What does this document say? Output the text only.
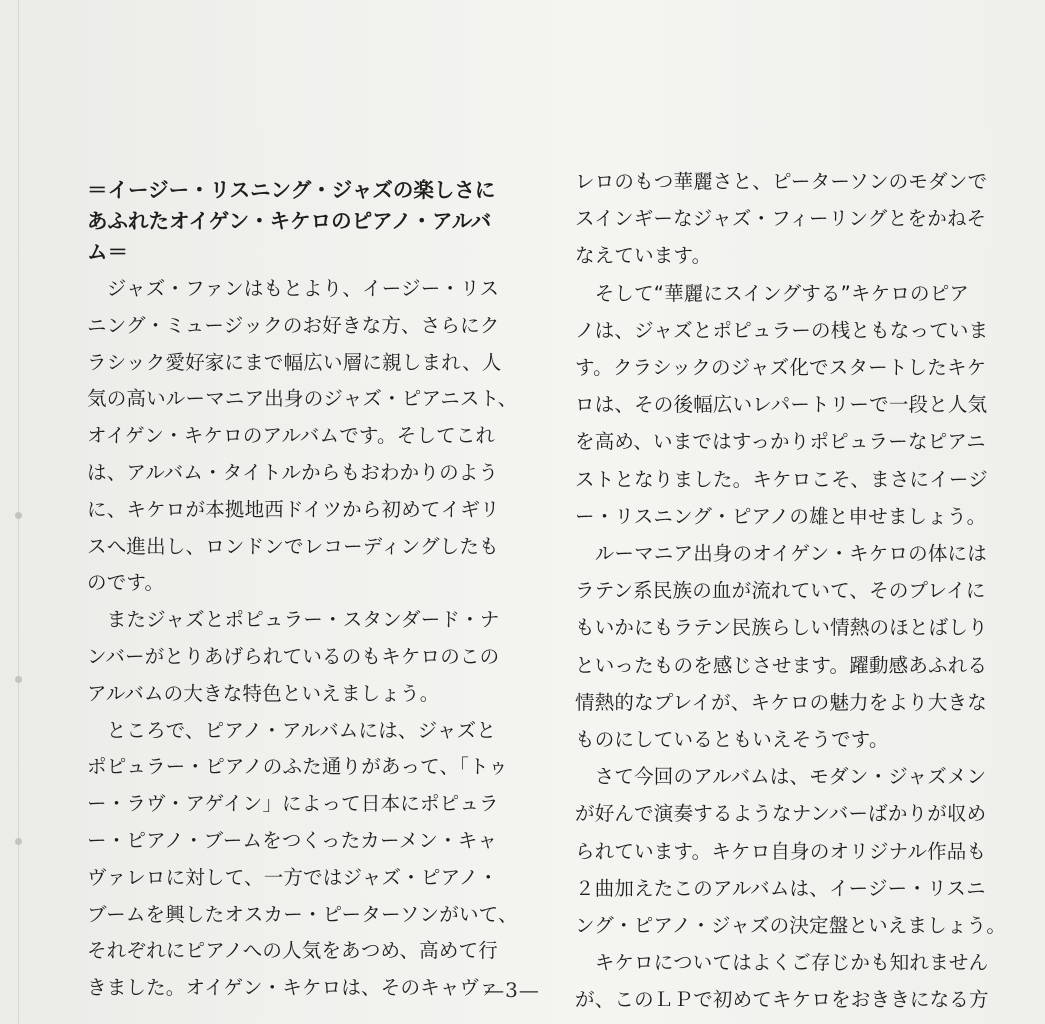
＝イージー・リスニング・ジャズの楽しさに
あふれたオイゲン・キケロのピアノ・アルバ
ム＝
　ジャズ・ファンはもとより、イージー・リス
ニング・ミュージックのお好きな方、さらにク
ラシック愛好家にまで幅広い層に親しまれ、人
気の高いルーマニア出身のジャズ・ピアニスト、
オイゲン・キケロのアルバムです。そしてこれ
は、アルバム・タイトルからもおわかりのよう
に、キケロが本拠地西ドイツから初めてイギリ
スへ進出し、ロンドンでレコーディングしたも
のです。
　またジャズとポピュラー・スタンダード・ナ
ンバーがとりあげられているのもキケロのこの
アルバムの大きな特色といえましょう。
　ところで、ピアノ・アルバムには、ジャズと
ポピュラー・ピアノのふた通りがあって、「トゥ
ー・ラヴ・アゲイン」によって日本にポピュラ
ー・ピアノ・ブームをつくったカーメン・キャ
ヴァレロに対して、一方ではジャズ・ピアノ・
ブームを興したオスカー・ピーターソンがいて、
それぞれにピアノへの人気をあつめ、高めて行
きました。オイゲン・キケロは、そのキャヴァ
レロのもつ華麗さと、ピーターソンのモダンで
スインギーなジャズ・フィーリングとをかねそ
なえています。
　そして“華麗にスイングする”キケロのピア
ノは、ジャズとポピュラーの桟ともなっていま
す。クラシックのジャズ化でスタートしたキケ
ロは、その後幅広いレパートリーで一段と人気
を高め、いまではすっかりポピュラーなピアニ
ストとなりました。キケロこそ、まさにイージ
ー・リスニング・ピアノの雄と申せましょう。
　ルーマニア出身のオイゲン・キケロの体には
ラテン系民族の血が流れていて、そのプレイに
もいかにもラテン民族らしい情熱のほとばしり
といったものを感じさせます。躍動感あふれる
情熱的なプレイが、キケロの魅力をより大きな
ものにしているともいえそうです。
　さて今回のアルバムは、モダン・ジャズメン
が好んで演奏するようなナンバーばかりが収め
られています。キケロ自身のオリジナル作品も
２曲加えたこのアルバムは、イージー・リスニ
ング・ピアノ・ジャズの決定盤といえましょう。
　キケロについてはよくご存じかも知れません
が、このＬＰで初めてキケロをおききになる方
—3—
